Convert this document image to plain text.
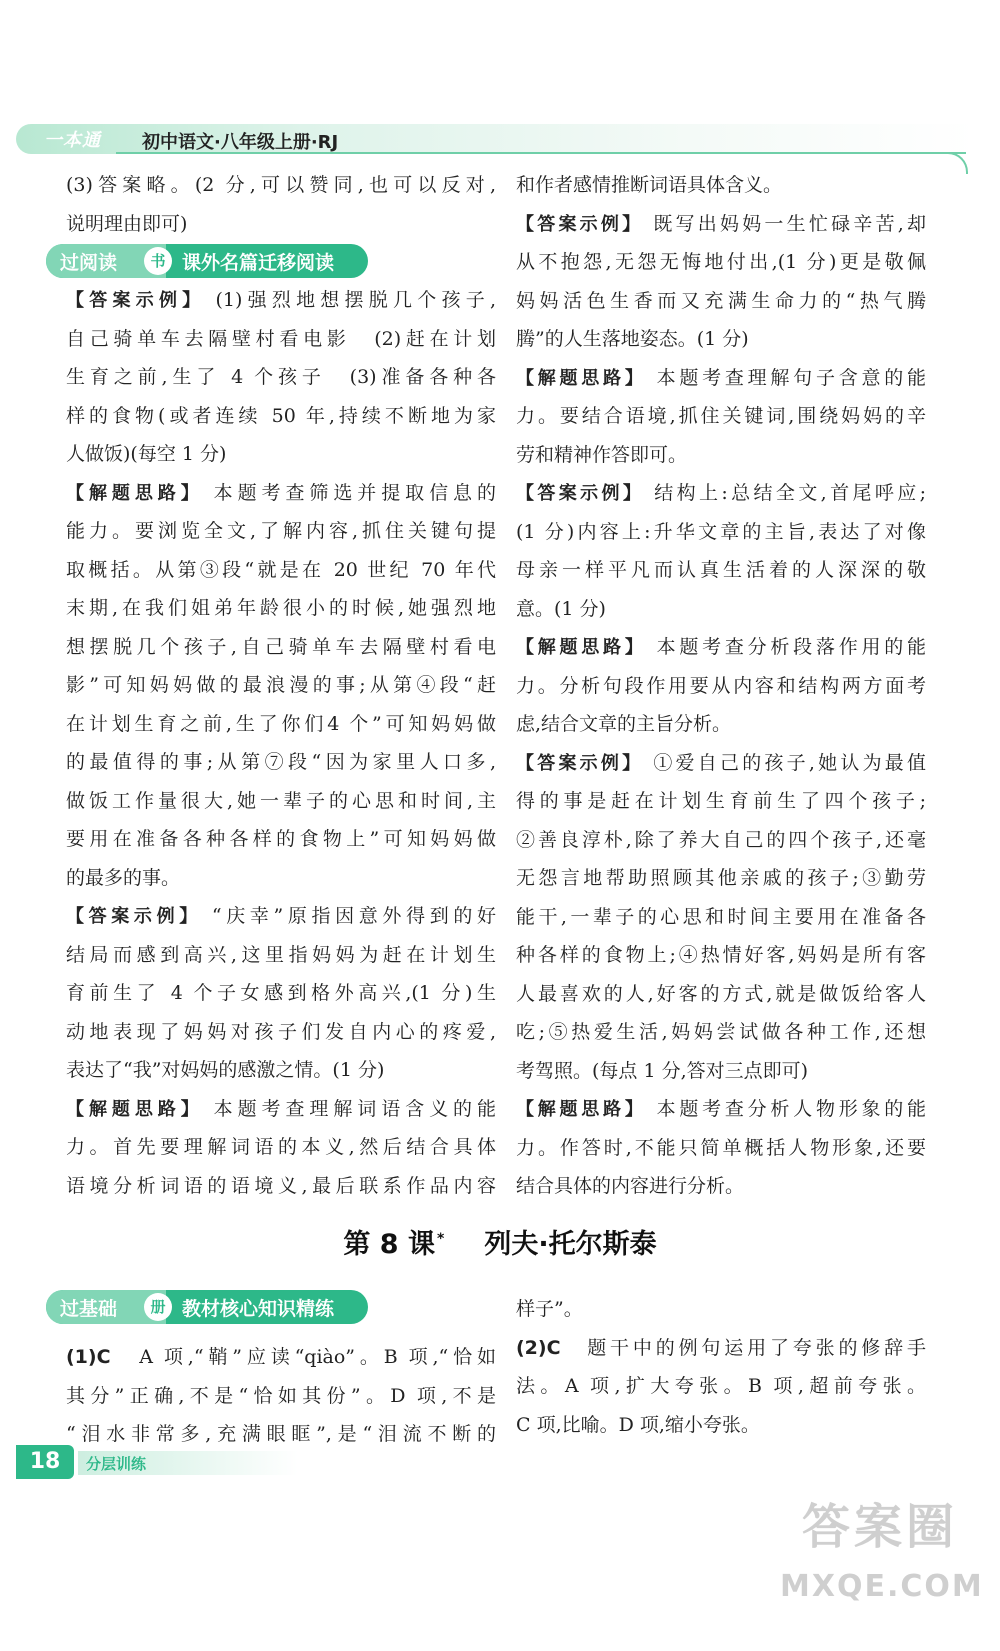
一本通 初中语文·八年级上册·RJ
(3)答案略。(2 分,可以赞同,也可以反对,
说明理由即可)
【答案示例】 (1)强烈地想摆脱几个孩子,
自己骑单车去隔壁村看电影　(2)赶在计划
生育之前,生了 4 个孩子　(3)准备各种各
样的食物(或者连续 50 年,持续不断地为家
人做饭)(每空 1 分)
【解题思路】 本题考查筛选并提取信息的
能力。要浏览全文,了解内容,抓住关键句提
取概括。从第③段“就是在 20 世纪 70 年代
末期,在我们姐弟年龄很小的时候,她强烈地
想摆脱几个孩子,自己骑单车去隔壁村看电
影”可知妈妈做的最浪漫的事;从第④段“赶
在计划生育之前,生了你们4 个”可知妈妈做
的最值得的事;从第⑦段“因为家里人口多,
做饭工作量很大,她一辈子的心思和时间,主
要用在准备各种各样的食物上”可知妈妈做
的最多的事。
【答案示例】 “庆幸”原指因意外得到的好
结局而感到高兴,这里指妈妈为赶在计划生
育前生了 4 个子女感到格外高兴,(1 分)生
动地表现了妈妈对孩子们发自内心的疼爱,
表达了“我”对妈妈的感激之情。(1 分)
【解题思路】 本题考查理解词语含义的能
力。首先要理解词语的本义,然后结合具体
语境分析词语的语境义,最后联系作品内容
过阅读	书 课外名篇迁移阅读
和作者感情推断词语具体含义。
【答案示例】 既写出妈妈一生忙碌辛苦,却
从不抱怨,无怨无悔地付出,(1 分)更是敬佩
妈妈活色生香而又充满生命力的“热气腾
腾”的人生落地姿态。(1 分)
【解题思路】 本题考查理解句子含意的能
力。要结合语境,抓住关键词,围绕妈妈的辛
劳和精神作答即可。
【答案示例】 结构上:总结全文,首尾呼应;
(1 分)内容上:升华文章的主旨,表达了对像
母亲一样平凡而认真生活着的人深深的敬
意。(1 分)
【解题思路】 本题考查分析段落作用的能
力。分析句段作用要从内容和结构两方面考
虑,结合文章的主旨分析。
【答案示例】 ①爱自己的孩子,她认为最值
得的事是赶在计划生育前生了四个孩子;
②善良淳朴,除了养大自己的四个孩子,还毫
无怨言地帮助照顾其他亲戚的孩子;③勤劳
能干,一辈子的心思和时间主要用在准备各
种各样的食物上;④热情好客,妈妈是所有客
人最喜欢的人,好客的方式,就是做饭给客人
吃;⑤热爱生活,妈妈尝试做各种工作,还想
考驾照。(每点 1 分,答对三点即可)
【解题思路】 本题考查分析人物形象的能
力。作答时,不能只简单概括人物形象,还要
结合具体的内容进行分析。
第 8 课 * 列夫·托尔斯泰
过基础	册 教材核心知识精练
(1)C　 A 项,“鞘”应读“qiào”。B 项,“恰如
其分”正确,不是“恰如其份”。D 项,不是
“泪水非常多,充满眼眶”,是“泪流不断的
样子”。
(2)C　 题干中的例句运用了夸张的修辞手
法。A 项,扩大夸张。B 项,超前夸张。
C 项,比喻。D 项,缩小夸张。
18	分层训练
答案圈
MXQE.COM
